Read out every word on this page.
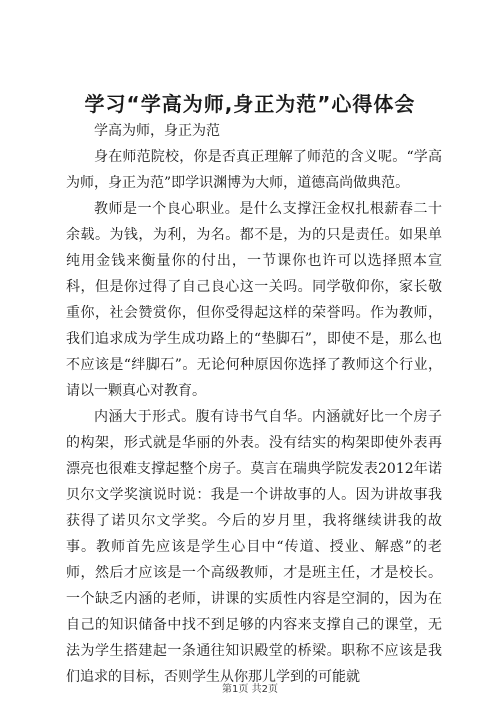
学习“学高为师,身正为范”心得体会

学高为师，身正为范

身在师范院校，你是否真正理解了师范的含义呢。“学高为师，身正为范”即学识渊博为大师，道德高尚做典范。

教师是一个良心职业。是什么支撑汪金权扎根薪春二十余载。为钱，为利，为名。都不是，为的只是责任。如果单纯用金钱来衡量你的付出，一节课你也许可以选择照本宣科，但是你过得了自己良心这一关吗。同学敬仰你，家长敬重你，社会赞赏你，但你受得起这样的荣誉吗。作为教师，我们追求成为学生成功路上的“垫脚石”，即使不是，那么也不应该是“绊脚石”。无论何种原因你选择了教师这个行业，请以一颗真心对教育。

内涵大于形式。腹有诗书气自华。内涵就好比一个房子的构架，形式就是华丽的外表。没有结实的构架即使外表再漂亮也很难支撑起整个房子。莫言在瑞典学院发表2012年诺贝尔文学奖演说时说：我是一个讲故事的人。因为讲故事我获得了诺贝尔文学奖。今后的岁月里，我将继续讲我的故事。教师首先应该是学生心目中“传道、授业、解惑”的老师，然后才应该是一个高级教师，才是班主任，才是校长。一个缺乏内涵的老师，讲课的实质性内容是空洞的，因为在自己的知识储备中找不到足够的内容来支撑自己的课堂，无法为学生搭建起一条通往知识殿堂的桥梁。职称不应该是我们追求的目标，否则学生从你那儿学到的可能就

第1页 共2页
